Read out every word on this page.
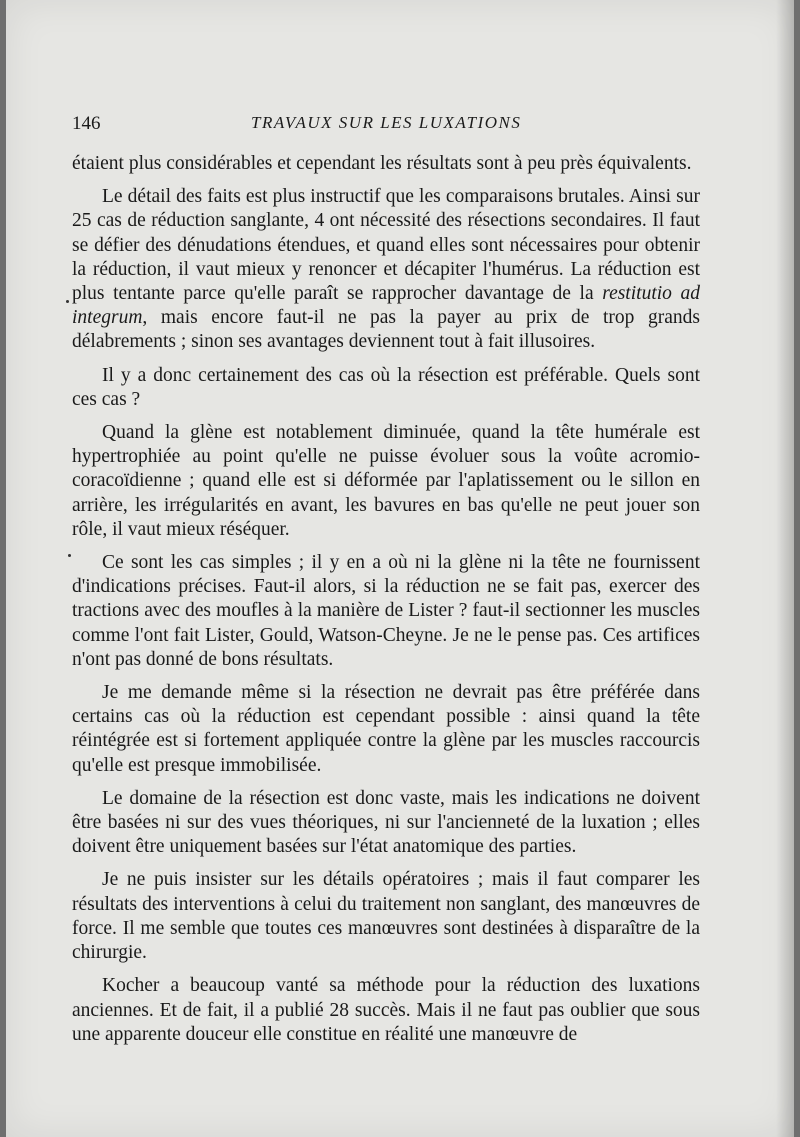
146	TRAVAUX SUR LES LUXATIONS

étaient plus considérables et cependant les résultats sont à peu près équivalents.

Le détail des faits est plus instructif que les comparaisons brutales. Ainsi sur 25 cas de réduction sanglante, 4 ont nécessité des résections secondaires. Il faut se défier des dénudations étendues, et quand elles sont nécessaires pour obtenir la réduction, il vaut mieux y renoncer et décapiter l'humérus. La réduction est plus tentante parce qu'elle paraît se rapprocher davantage de la restitutio ad integrum, mais encore faut-il ne pas la payer au prix de trop grands délabrements ; sinon ses avantages deviennent tout à fait illusoires.

Il y a donc certainement des cas où la résection est préférable. Quels sont ces cas ?

Quand la glène est notablement diminuée, quand la tête humérale est hypertrophiée au point qu'elle ne puisse évoluer sous la voûte acromio-coracoïdienne ; quand elle est si déformée par l'aplatissement ou le sillon en arrière, les irrégularités en avant, les bavures en bas qu'elle ne peut jouer son rôle, il vaut mieux réséquer.

Ce sont les cas simples ; il y en a où ni la glène ni la tête ne fournissent d'indications précises. Faut-il alors, si la réduction ne se fait pas, exercer des tractions avec des moufles à la manière de Lister ? faut-il sectionner les muscles comme l'ont fait Lister, Gould, Watson-Cheyne. Je ne le pense pas. Ces artifices n'ont pas donné de bons résultats.

Je me demande même si la résection ne devrait pas être préférée dans certains cas où la réduction est cependant possible : ainsi quand la tête réintégrée est si fortement appliquée contre la glène par les muscles raccourcis qu'elle est presque immobilisée.

Le domaine de la résection est donc vaste, mais les indications ne doivent être basées ni sur des vues théoriques, ni sur l'ancienneté de la luxation ; elles doivent être uniquement basées sur l'état anatomique des parties.

Je ne puis insister sur les détails opératoires ; mais il faut comparer les résultats des interventions à celui du traitement non sanglant, des manœuvres de force. Il me semble que toutes ces manœuvres sont destinées à disparaître de la chirurgie.

Kocher a beaucoup vanté sa méthode pour la réduction des luxations anciennes. Et de fait, il a publié 28 succès. Mais il ne faut pas oublier que sous une apparente douceur elle constitue en réalité une manœuvre de
